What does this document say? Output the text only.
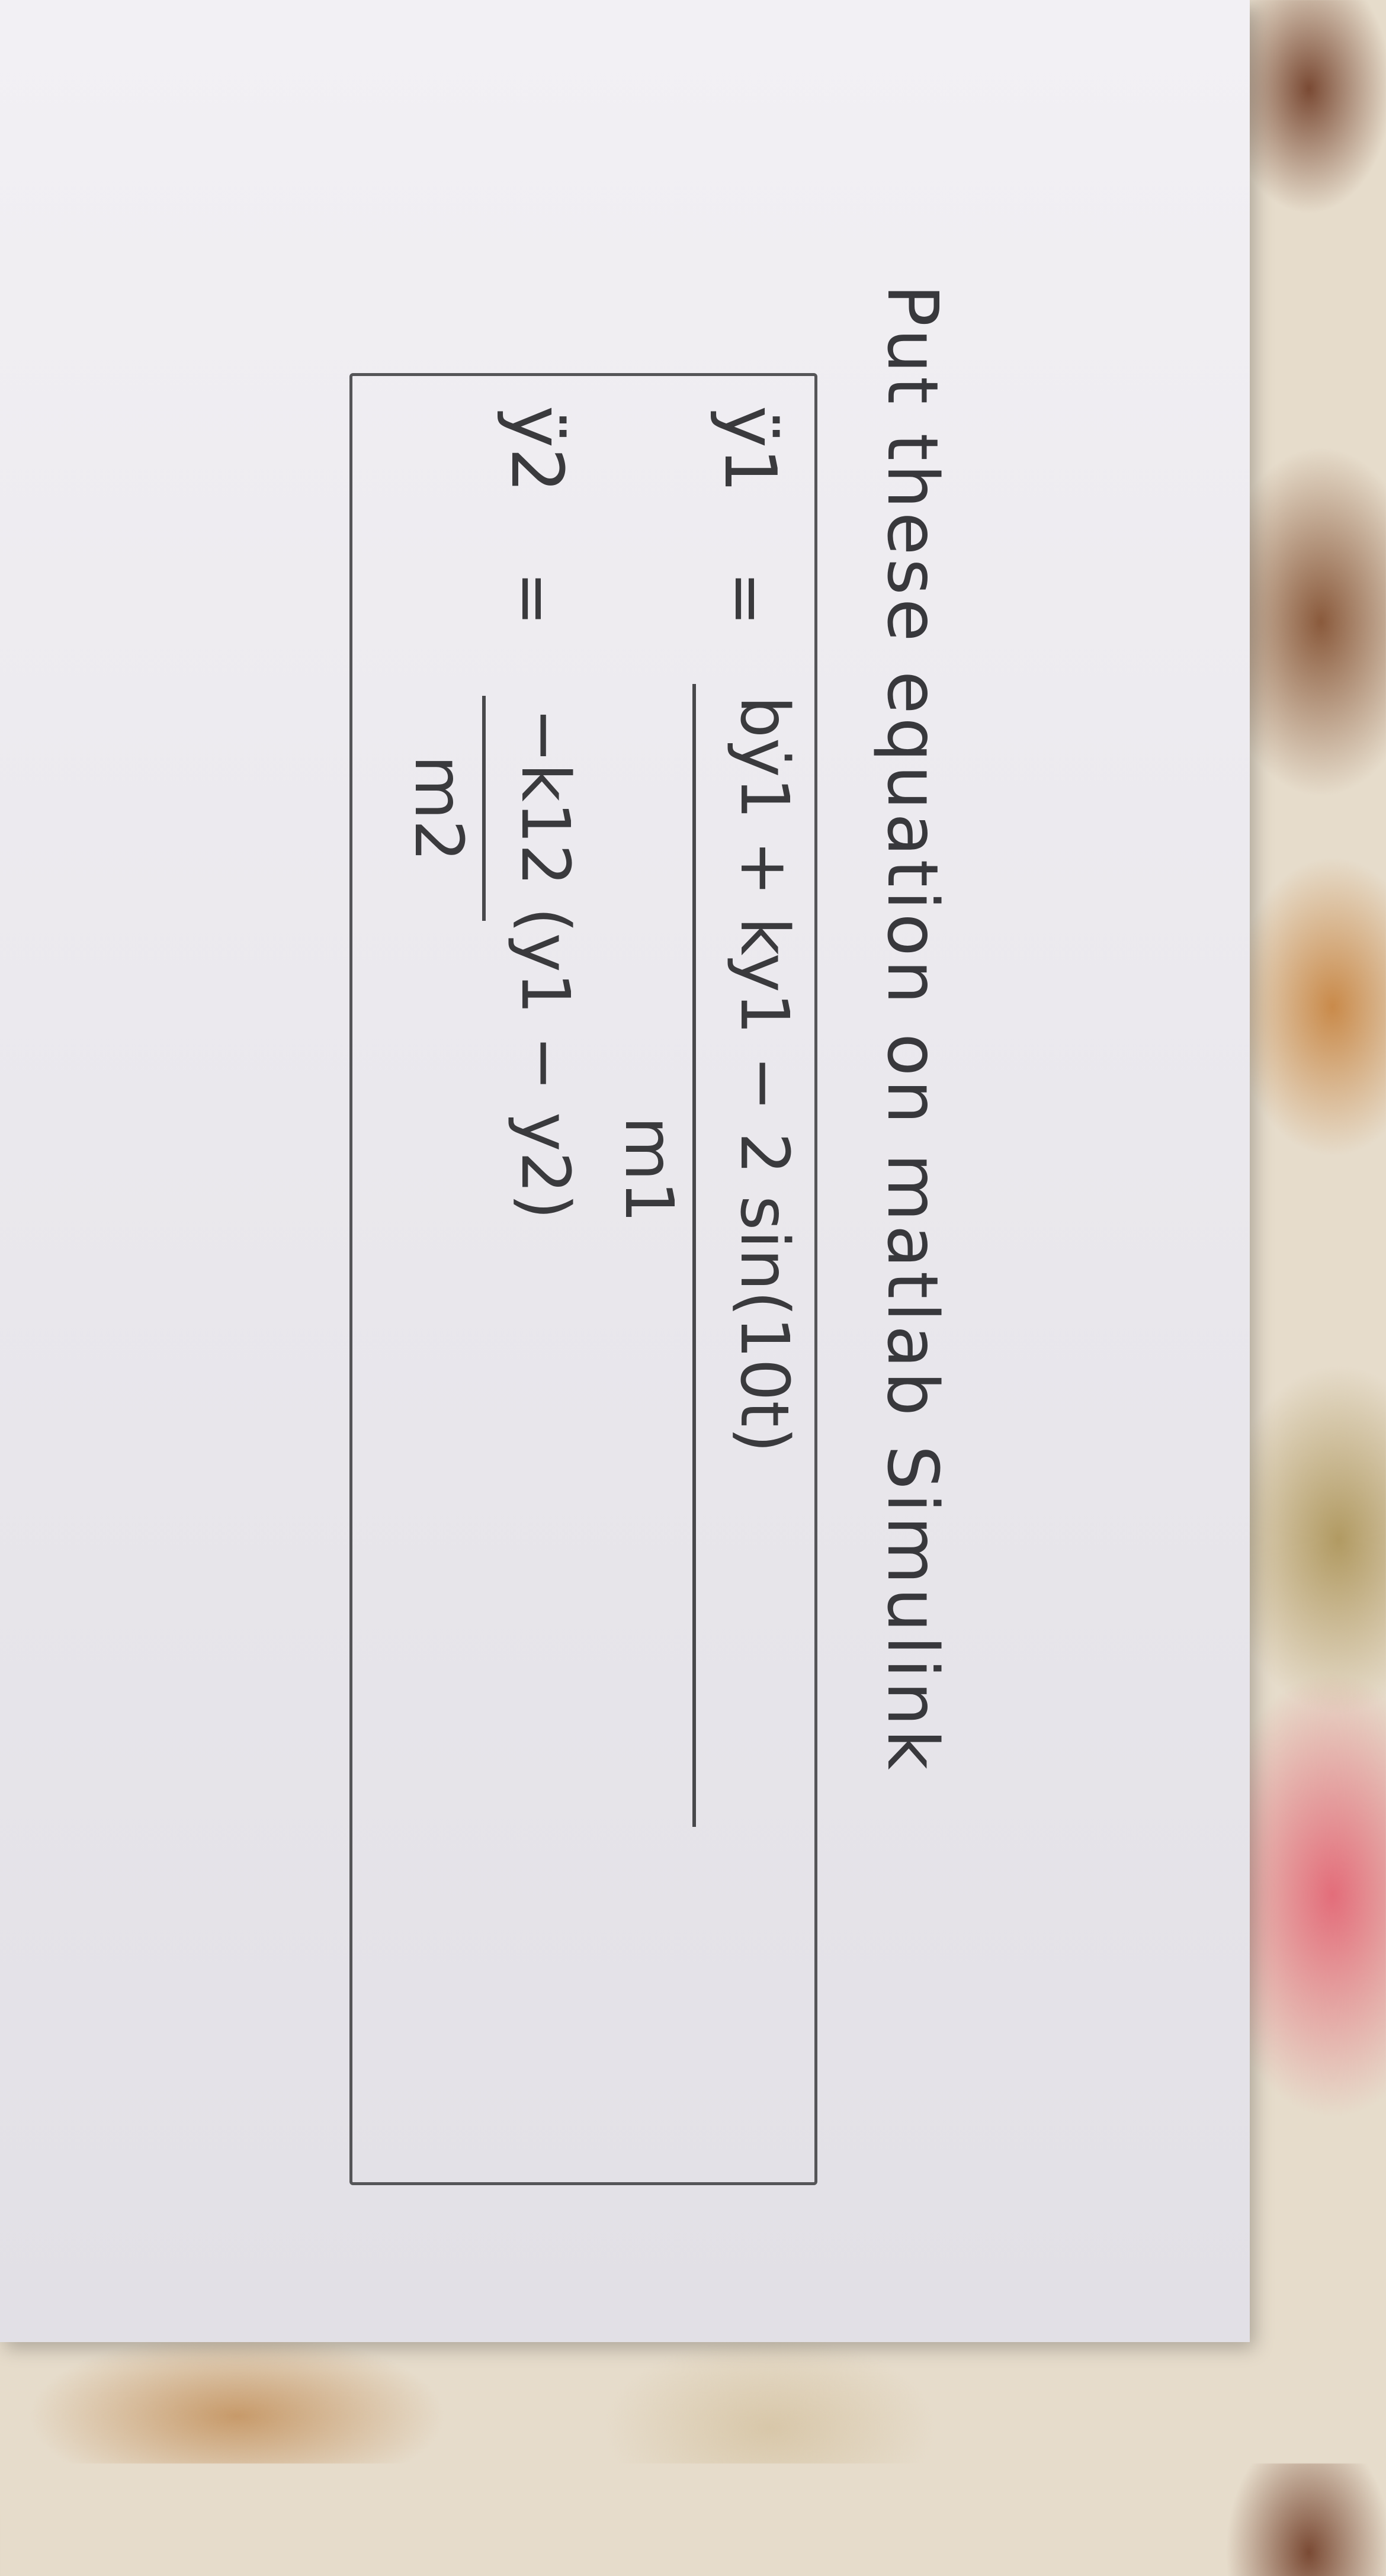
Put these equation on matlab Simulink
ÿ1
=
bẏ1 + ky1 − 2 sin(10t)
m1
ÿ2
=
−k12 (y1 − y2)
m2
